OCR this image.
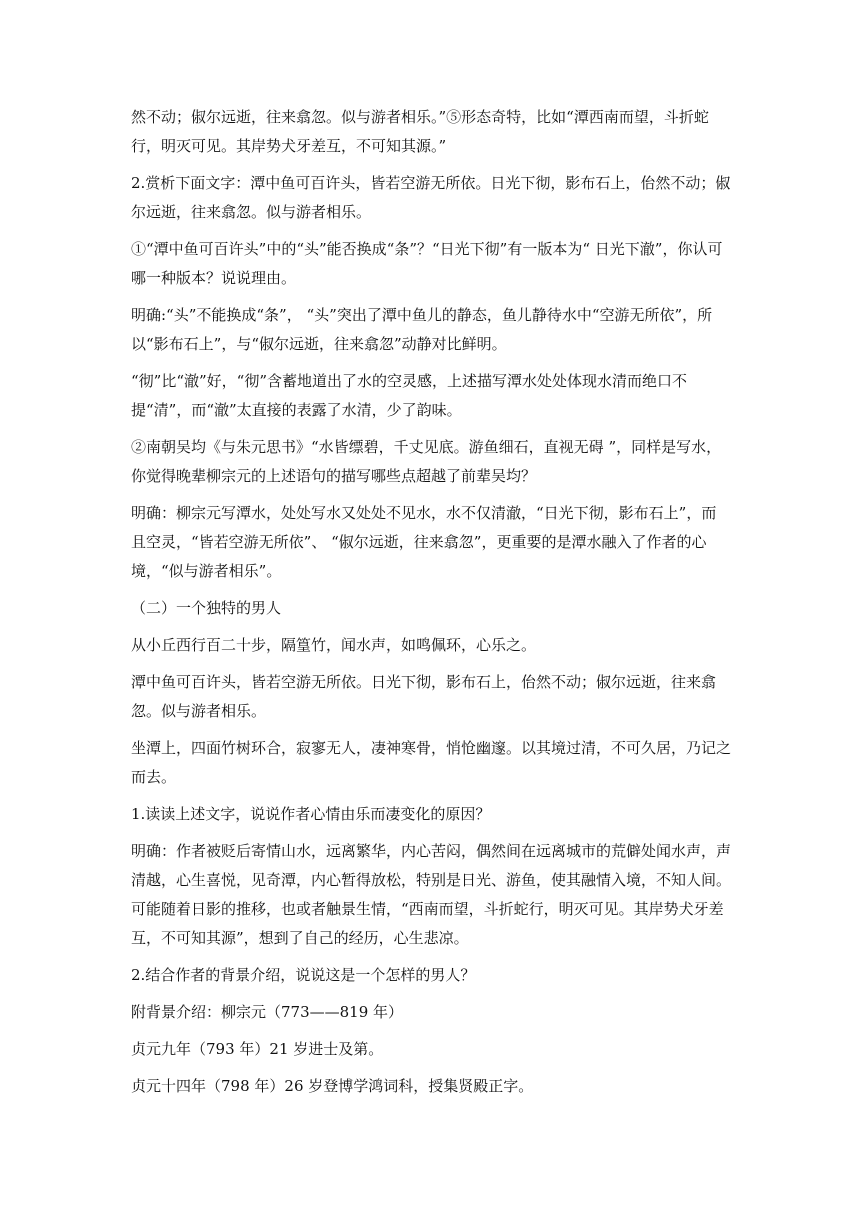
然不动；俶尔远逝，往来翕忽。似与游者相乐。”⑤形态奇特，比如“潭西南而望，斗折蛇行，明灭可见。其岸势犬牙差互，不可知其源。”

2.赏析下面文字：潭中鱼可百许头，皆若空游无所依。日光下彻，影布石上，佁然不动；俶尔远逝，往来翕忽。似与游者相乐。

①“潭中鱼可百许头”中的“头”能否换成“条”？“日光下彻”有一版本为“ 日光下澈”，你认可哪一种版本？说说理由。

明确:“头”不能换成“条”， “头”突出了潭中鱼儿的静态，鱼儿静待水中“空游无所依”，所以“影布石上”，与“俶尔远逝，往来翕忽”动静对比鲜明。

“彻”比“澈”好，“彻”含蓄地道出了水的空灵感，上述描写潭水处处体现水清而绝口不提“清”，而“澈”太直接的表露了水清，少了韵味。

②南朝吴均《与朱元思书》“水皆缥碧，千丈见底。游鱼细石，直视无碍 ”，同样是写水，你觉得晚辈柳宗元的上述语句的描写哪些点超越了前辈吴均？

明确：柳宗元写潭水，处处写水又处处不见水，水不仅清澈，“日光下彻，影布石上”，而且空灵，“皆若空游无所依”、 “俶尔远逝，往来翕忽”，更重要的是潭水融入了作者的心境，“似与游者相乐”。

（二）一个独特的男人

从小丘西行百二十步，隔篁竹，闻水声，如鸣佩环，心乐之。

潭中鱼可百许头，皆若空游无所依。日光下彻，影布石上，佁然不动；俶尔远逝，往来翕忽。似与游者相乐。

坐潭上，四面竹树环合，寂寥无人，凄神寒骨，悄怆幽邃。以其境过清，不可久居，乃记之而去。

1.读读上述文字，说说作者心情由乐而凄变化的原因？

明确：作者被贬后寄情山水，远离繁华，内心苦闷，偶然间在远离城市的荒僻处闻水声，声清越，心生喜悦，见奇潭，内心暂得放松，特别是日光、游鱼，使其融情入境，不知人间。可能随着日影的推移，也或者触景生情，“西南而望，斗折蛇行，明灭可见。其岸势犬牙差互，不可知其源”，想到了自己的经历，心生悲凉。

2.结合作者的背景介绍，说说这是一个怎样的男人？

附背景介绍：柳宗元（773——819 年）

贞元九年（793 年）21 岁进士及第。

贞元十四年（798 年）26 岁登博学鸿词科，授集贤殿正字。
